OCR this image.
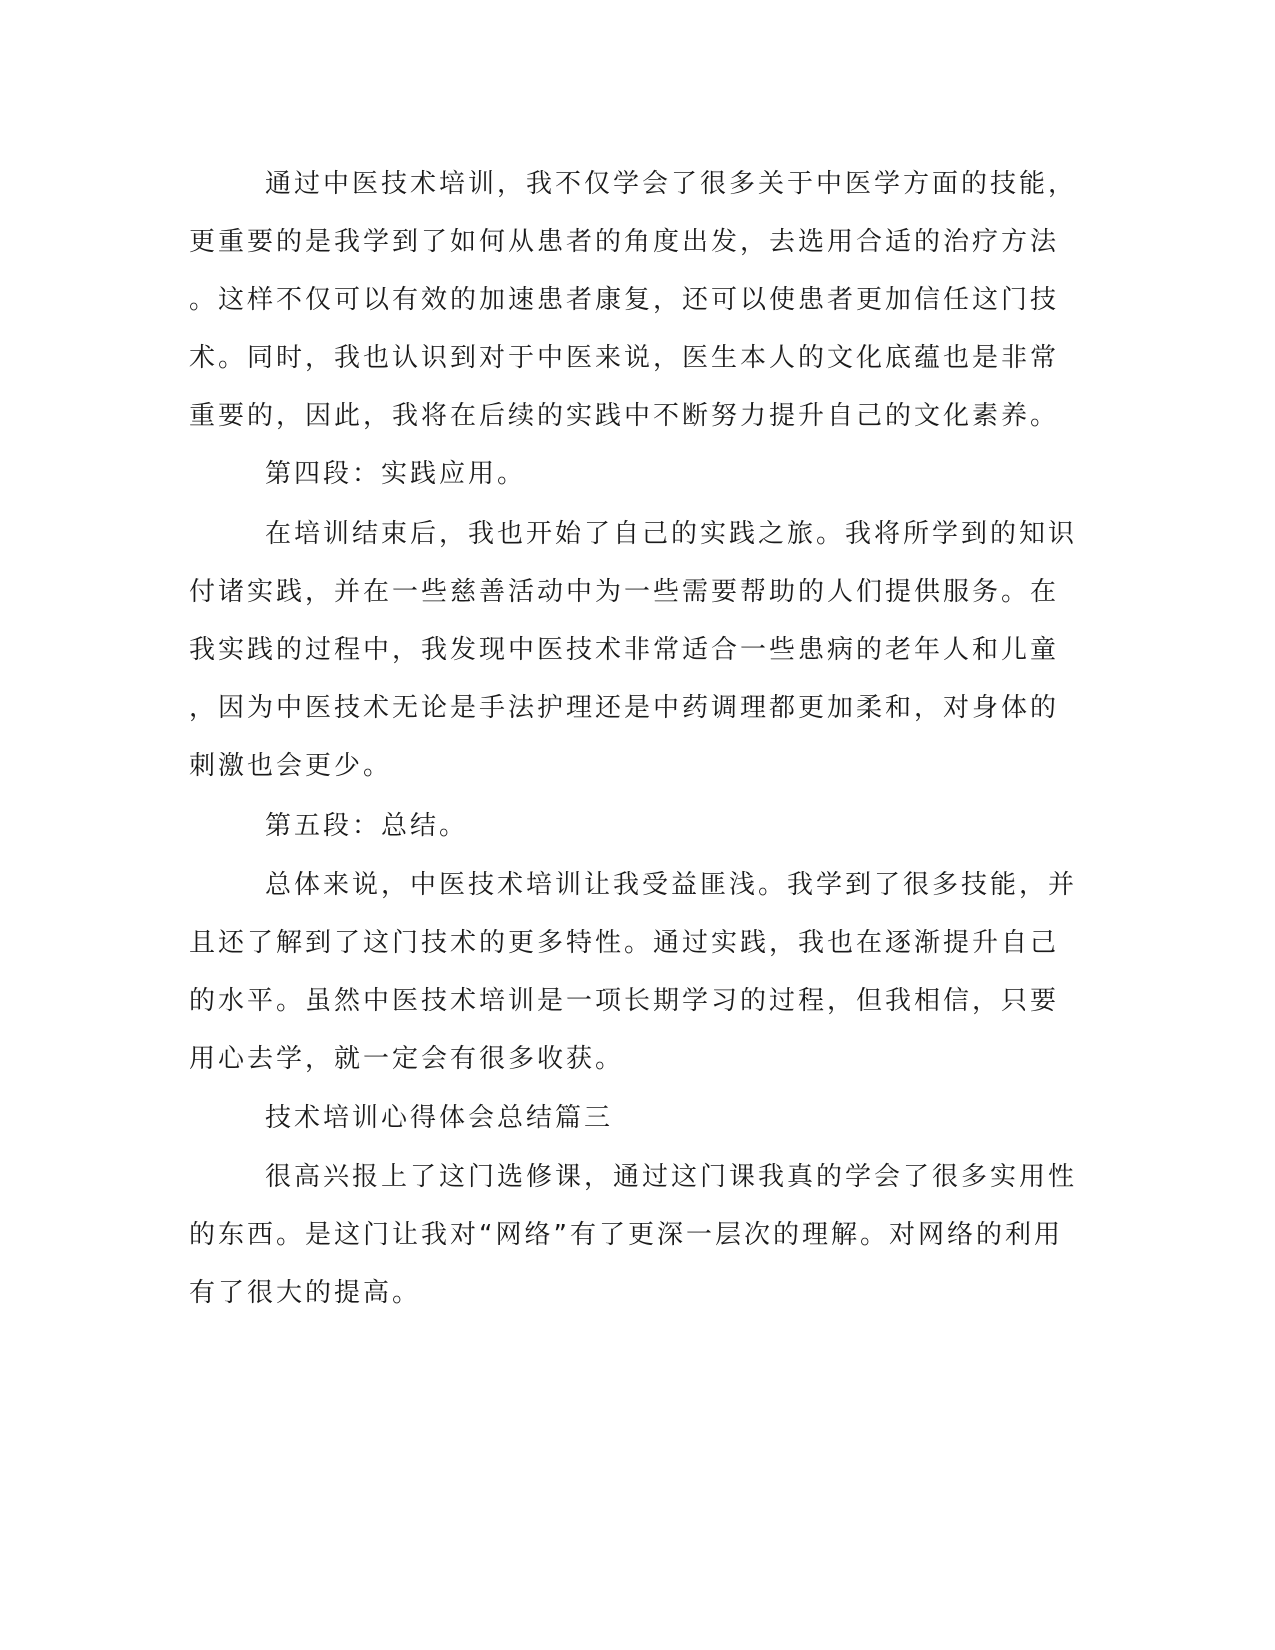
通过中医技术培训，我不仅学会了很多关于中医学方面的技能，

更重要的是我学到了如何从患者的角度出发，去选用合适的治疗方法

。这样不仅可以有效的加速患者康复，还可以使患者更加信任这门技

术。同时，我也认识到对于中医来说，医生本人的文化底蕴也是非常

重要的，因此，我将在后续的实践中不断努力提升自己的文化素养。

第四段：实践应用。

在培训结束后，我也开始了自己的实践之旅。我将所学到的知识

付诸实践，并在一些慈善活动中为一些需要帮助的人们提供服务。在

我实践的过程中，我发现中医技术非常适合一些患病的老年人和儿童

，因为中医技术无论是手法护理还是中药调理都更加柔和，对身体的

刺激也会更少。

第五段：总结。

总体来说，中医技术培训让我受益匪浅。我学到了很多技能，并

且还了解到了这门技术的更多特性。通过实践，我也在逐渐提升自己

的水平。虽然中医技术培训是一项长期学习的过程，但我相信，只要

用心去学，就一定会有很多收获。

技术培训心得体会总结篇三

很高兴报上了这门选修课，通过这门课我真的学会了很多实用性

的东西。是这门让我对“网络”有了更深一层次的理解。对网络的利用

有了很大的提高。
